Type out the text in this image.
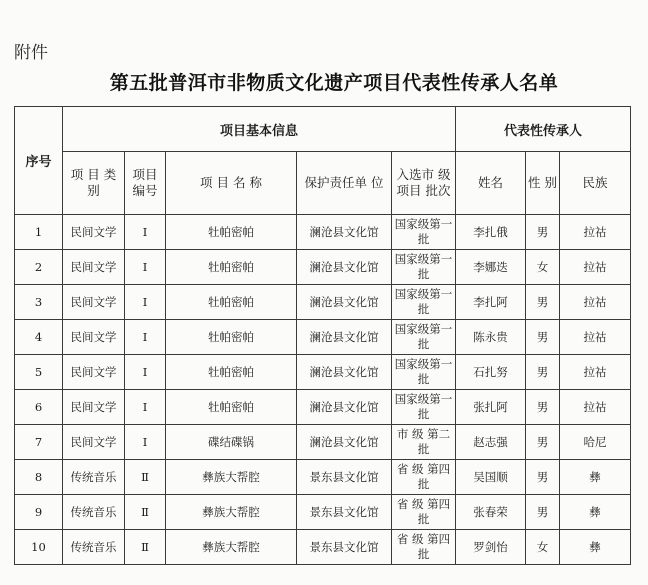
附件
第五批普洱市非物质文化遗产项目代表性传承人名单
序号	项目基本信息					代表性传承人		
	项 目 类 别	项目 编号	项 目 名 称	保护责任单 位	入选市 级项目 批次	姓名	性 别	民族
1	民间文学	Ⅰ	牡帕密帕	澜沧县文化馆	国家级第一批	李扎俄	男	拉祜
2	民间文学	Ⅰ	牡帕密帕	澜沧县文化馆	国家级第一批	李娜迭	女	拉祜
3	民间文学	Ⅰ	牡帕密帕	澜沧县文化馆	国家级第一批	李扎阿	男	拉祜
4	民间文学	Ⅰ	牡帕密帕	澜沧县文化馆	国家级第一批	陈永贵	男	拉祜
5	民间文学	Ⅰ	牡帕密帕	澜沧县文化馆	国家级第一批	石扎努	男	拉祜
6	民间文学	Ⅰ	牡帕密帕	澜沧县文化馆	国家级第一批	张扎阿	男	拉祜
7	民间文学	Ⅰ	碟结碟锅	澜沧县文化馆	市 级 第二批	赵志强	男	哈尼
8	传统音乐	Ⅱ	彝族大帮腔	景东县文化馆	省 级 第四批	吴国顺	男	彝
9	传统音乐	Ⅱ	彝族大帮腔	景东县文化馆	省 级 第四批	张春荣	男	彝
10	传统音乐	Ⅱ	彝族大帮腔	景东县文化馆	省 级 第四批	罗剑怡	女	彝
